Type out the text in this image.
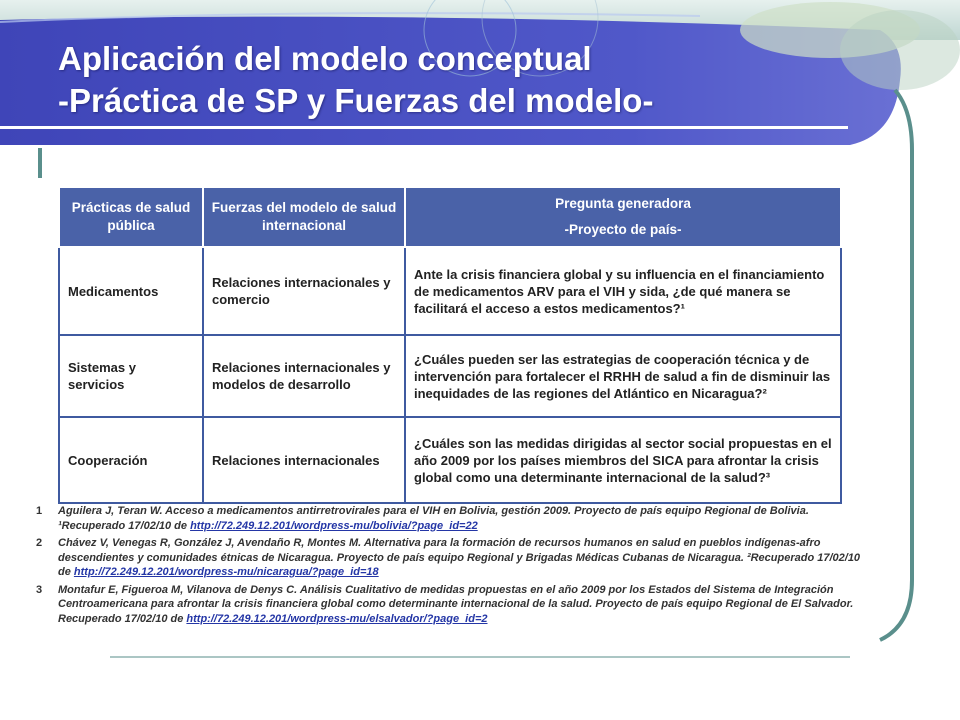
Aplicación del modelo conceptual
-Práctica de SP y Fuerzas del modelo-
Prácticas de salud pública	Fuerzas del modelo de salud internacional	Pregunta generadora
-Proyecto de país-

Medicamentos	Relaciones internacionales y comercio	Ante la crisis financiera global y su influencia en el financiamiento de medicamentos ARV para el VIH y sida, ¿de qué manera se facilitará el acceso a estos medicamentos?¹
Sistemas y servicios	Relaciones internacionales y modelos de desarrollo	¿Cuáles pueden ser las estrategias de cooperación técnica y de intervención para fortalecer el RRHH de salud a fin de disminuir las inequidades de las regiones del Atlántico en Nicaragua?²
Cooperación	Relaciones internacionales	¿Cuáles son las medidas dirigidas al sector social propuestas en el año 2009 por los países miembros del SICA para afrontar la crisis global como una determinante internacional de la salud?³
1	Aguilera J, Teran W. Acceso a medicamentos antirretrovirales para el VIH en Bolivia, gestión 2009. Proyecto de país equipo Regional de Bolivia. ¹Recuperado 17/02/10 de http://72.249.12.201/wordpress-mu/bolivia/?page_id=22
2	Chávez V, Venegas R, González J, Avendaño R, Montes M. Alternativa para la formación de recursos humanos en salud en pueblos indígenas-afro descendientes y comunidades étnicas de Nicaragua. Proyecto de país equipo Regional y Brigadas Médicas Cubanas de Nicaragua. ²Recuperado 17/02/10 de http://72.249.12.201/wordpress-mu/nicaragua/?page_id=18
3	Montafur E, Figueroa M, Vilanova de Denys C. Análisis Cualitativo de medidas propuestas en el año 2009 por los Estados del Sistema de Integración Centroamericana para afrontar la crisis financiera global como determinante internacional de la salud. Proyecto de país equipo Regional de El Salvador. Recuperado 17/02/10 de http://72.249.12.201/wordpress-mu/elsalvador/?page_id=2
